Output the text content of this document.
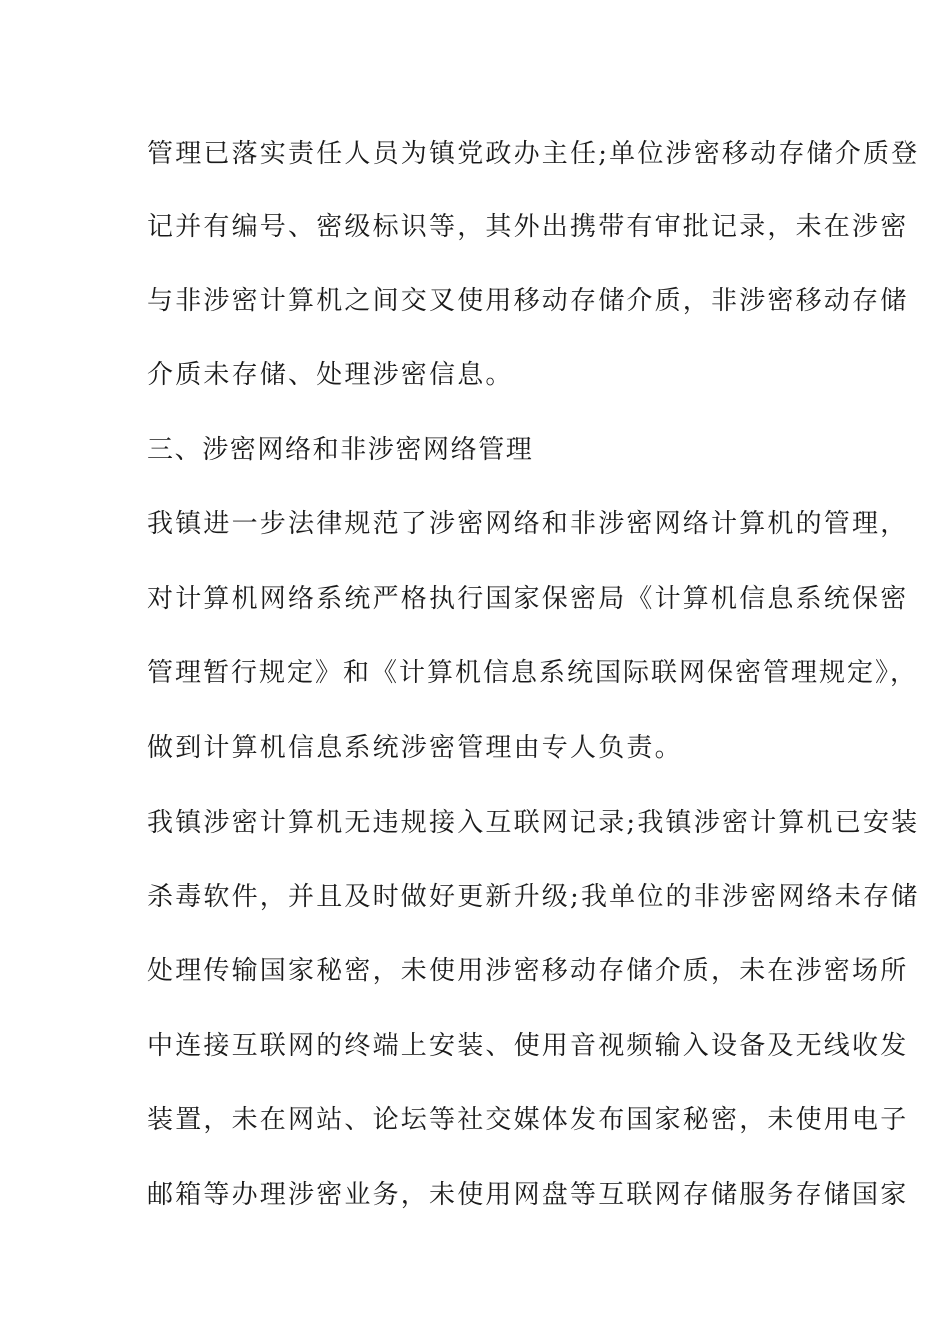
管理已落实责任人员为镇党政办主任;单位涉密移动存储介质登
记并有编号、密级标识等，其外出携带有审批记录，未在涉密
与非涉密计算机之间交叉使用移动存储介质，非涉密移动存储
介质未存储、处理涉密信息。
三、涉密网络和非涉密网络管理
我镇进一步法律规范了涉密网络和非涉密网络计算机的管理，
对计算机网络系统严格执行国家保密局《计算机信息系统保密
管理暂行规定》和《计算机信息系统国际联网保密管理规定》，
做到计算机信息系统涉密管理由专人负责。
我镇涉密计算机无违规接入互联网记录;我镇涉密计算机已安装
杀毒软件，并且及时做好更新升级;我单位的非涉密网络未存储
处理传输国家秘密，未使用涉密移动存储介质，未在涉密场所
中连接互联网的终端上安装、使用音视频输入设备及无线收发
装置，未在网站、论坛等社交媒体发布国家秘密，未使用电子
邮箱等办理涉密业务，未使用网盘等互联网存储服务存储国家
